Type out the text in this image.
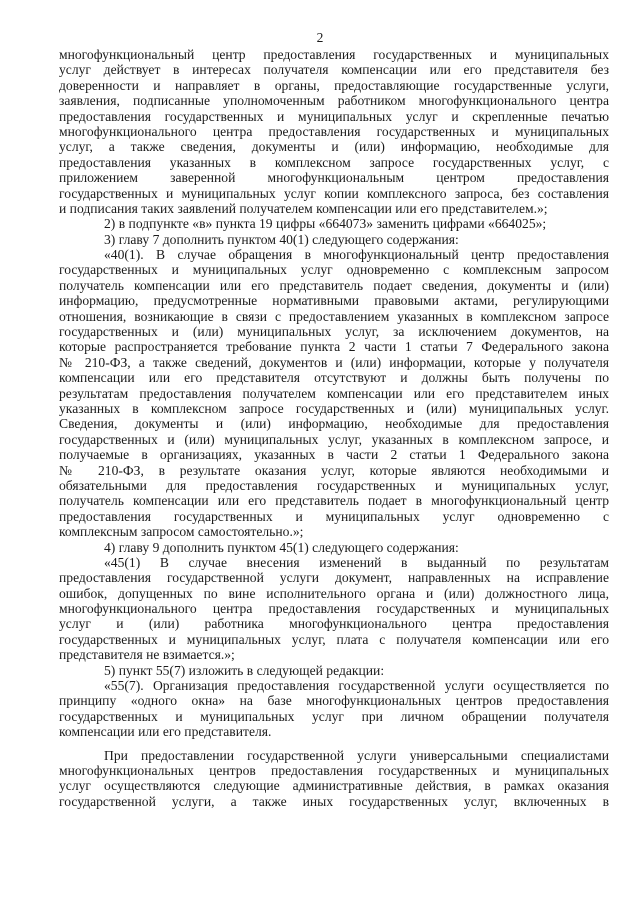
2
многофункциональный центр предоставления государственных и муниципальных
услуг действует в интересах получателя компенсации или его представителя без
доверенности и направляет в органы, предоставляющие государственные услуги,
заявления, подписанные уполномоченным работником многофункционального центра
предоставления государственных и муниципальных услуг и скрепленные печатью
многофункционального центра предоставления государственных и муниципальных
услуг, а также сведения, документы и (или) информацию, необходимые для
предоставления указанных в комплексном запросе государственных услуг, с
приложением заверенной многофункциональным центром предоставления
государственных и муниципальных услуг копии комплексного запроса, без составления
и подписания таких заявлений получателем компенсации или его представителем.»;
2) в подпункте «в» пункта 19 цифры «664073» заменить цифрами «664025»;
3) главу 7 дополнить пунктом 40(1) следующего содержания:
«40(1). В случае обращения в многофункциональный центр предоставления
государственных и муниципальных услуг одновременно с комплексным запросом
получатель компенсации или его представитель подает сведения, документы и (или)
информацию, предусмотренные нормативными правовыми актами, регулирующими
отношения, возникающие в связи с предоставлением указанных в комплексном запросе
государственных и (или) муниципальных услуг, за исключением документов, на
которые распространяется требование пункта 2 части 1 статьи 7 Федерального закона
№ 210-ФЗ, а также сведений, документов и (или) информации, которые у получателя
компенсации или его представителя отсутствуют и должны быть получены по
результатам предоставления получателем компенсации или его представителем иных
указанных в комплексном запросе государственных и (или) муниципальных услуг.
Сведения, документы и (или) информацию, необходимые для предоставления
государственных и (или) муниципальных услуг, указанных в комплексном запросе, и
получаемые в организациях, указанных в части 2 статьи 1 Федерального закона
№ 210-ФЗ, в результате оказания услуг, которые являются необходимыми и
обязательными для предоставления государственных и муниципальных услуг,
получатель компенсации или его представитель подает в многофункциональный центр
предоставления государственных и муниципальных услуг одновременно с
комплексным запросом самостоятельно.»;
4) главу 9 дополнить пунктом 45(1) следующего содержания:
«45(1) В случае внесения изменений в выданный по результатам
предоставления государственной услуги документ, направленных на исправление
ошибок, допущенных по вине исполнительного органа и (или) должностного лица,
многофункционального центра предоставления государственных и муниципальных
услуг и (или) работника многофункционального центра предоставления
государственных и муниципальных услуг, плата с получателя компенсации или его
представителя не взимается.»;
5) пункт 55(7) изложить в следующей редакции:
«55(7). Организация предоставления государственной услуги осуществляется по
принципу «одного окна» на базе многофункциональных центров предоставления
государственных и муниципальных услуг при личном обращении получателя
компенсации или его представителя.
При предоставлении государственной услуги универсальными специалистами
многофункциональных центров предоставления государственных и муниципальных
услуг осуществляются следующие административные действия, в рамках оказания
государственной услуги, а также иных государственных услуг, включенных в
